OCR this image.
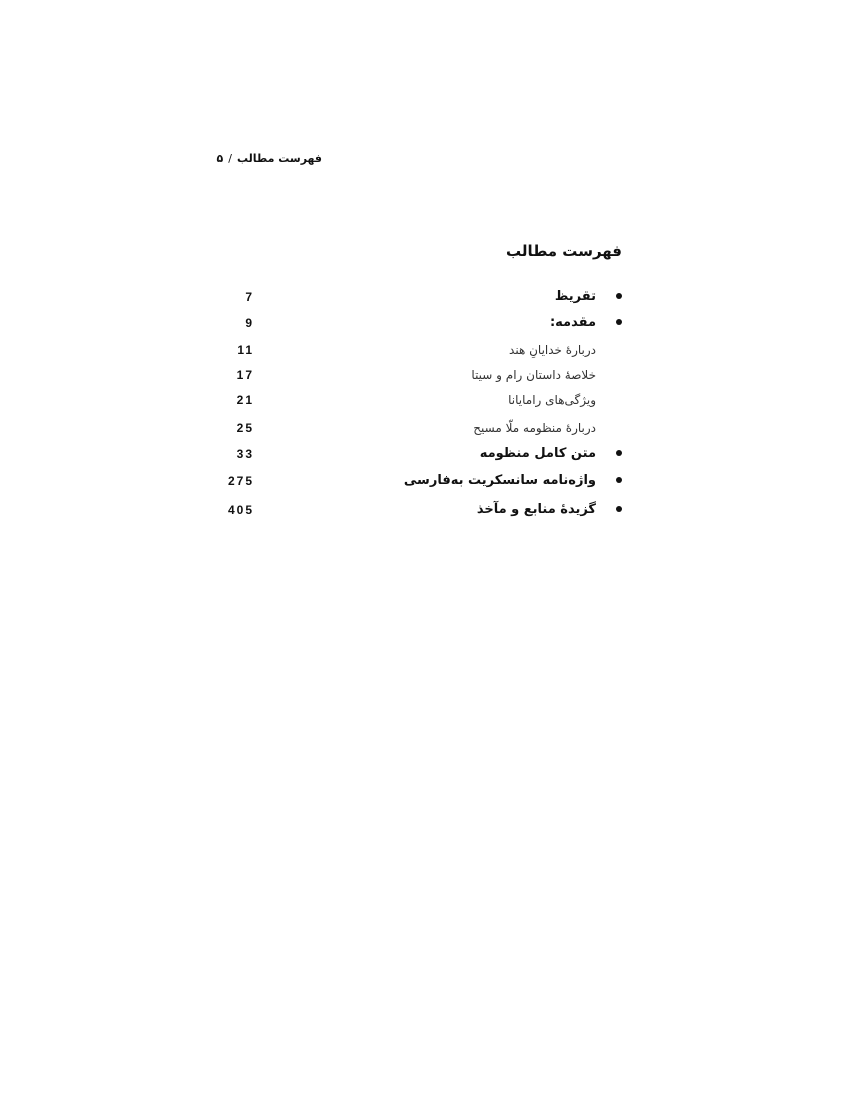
فهرست مطالب
/
۵
فهرست مطالب
تقریظ
7
مقدمه:
9
دربارهٔ خدایانِ هند
11
خلاصهٔ داستان رام و سیتا
17
ویژگی‌های رامایانا
21
دربارهٔ منظومه ملّا مسیح
25
متن کامل منظومه
33
واژه‌نامه سانسکریت به‌فارسی
275
گزیدهٔ منابع و مآخذ
405
